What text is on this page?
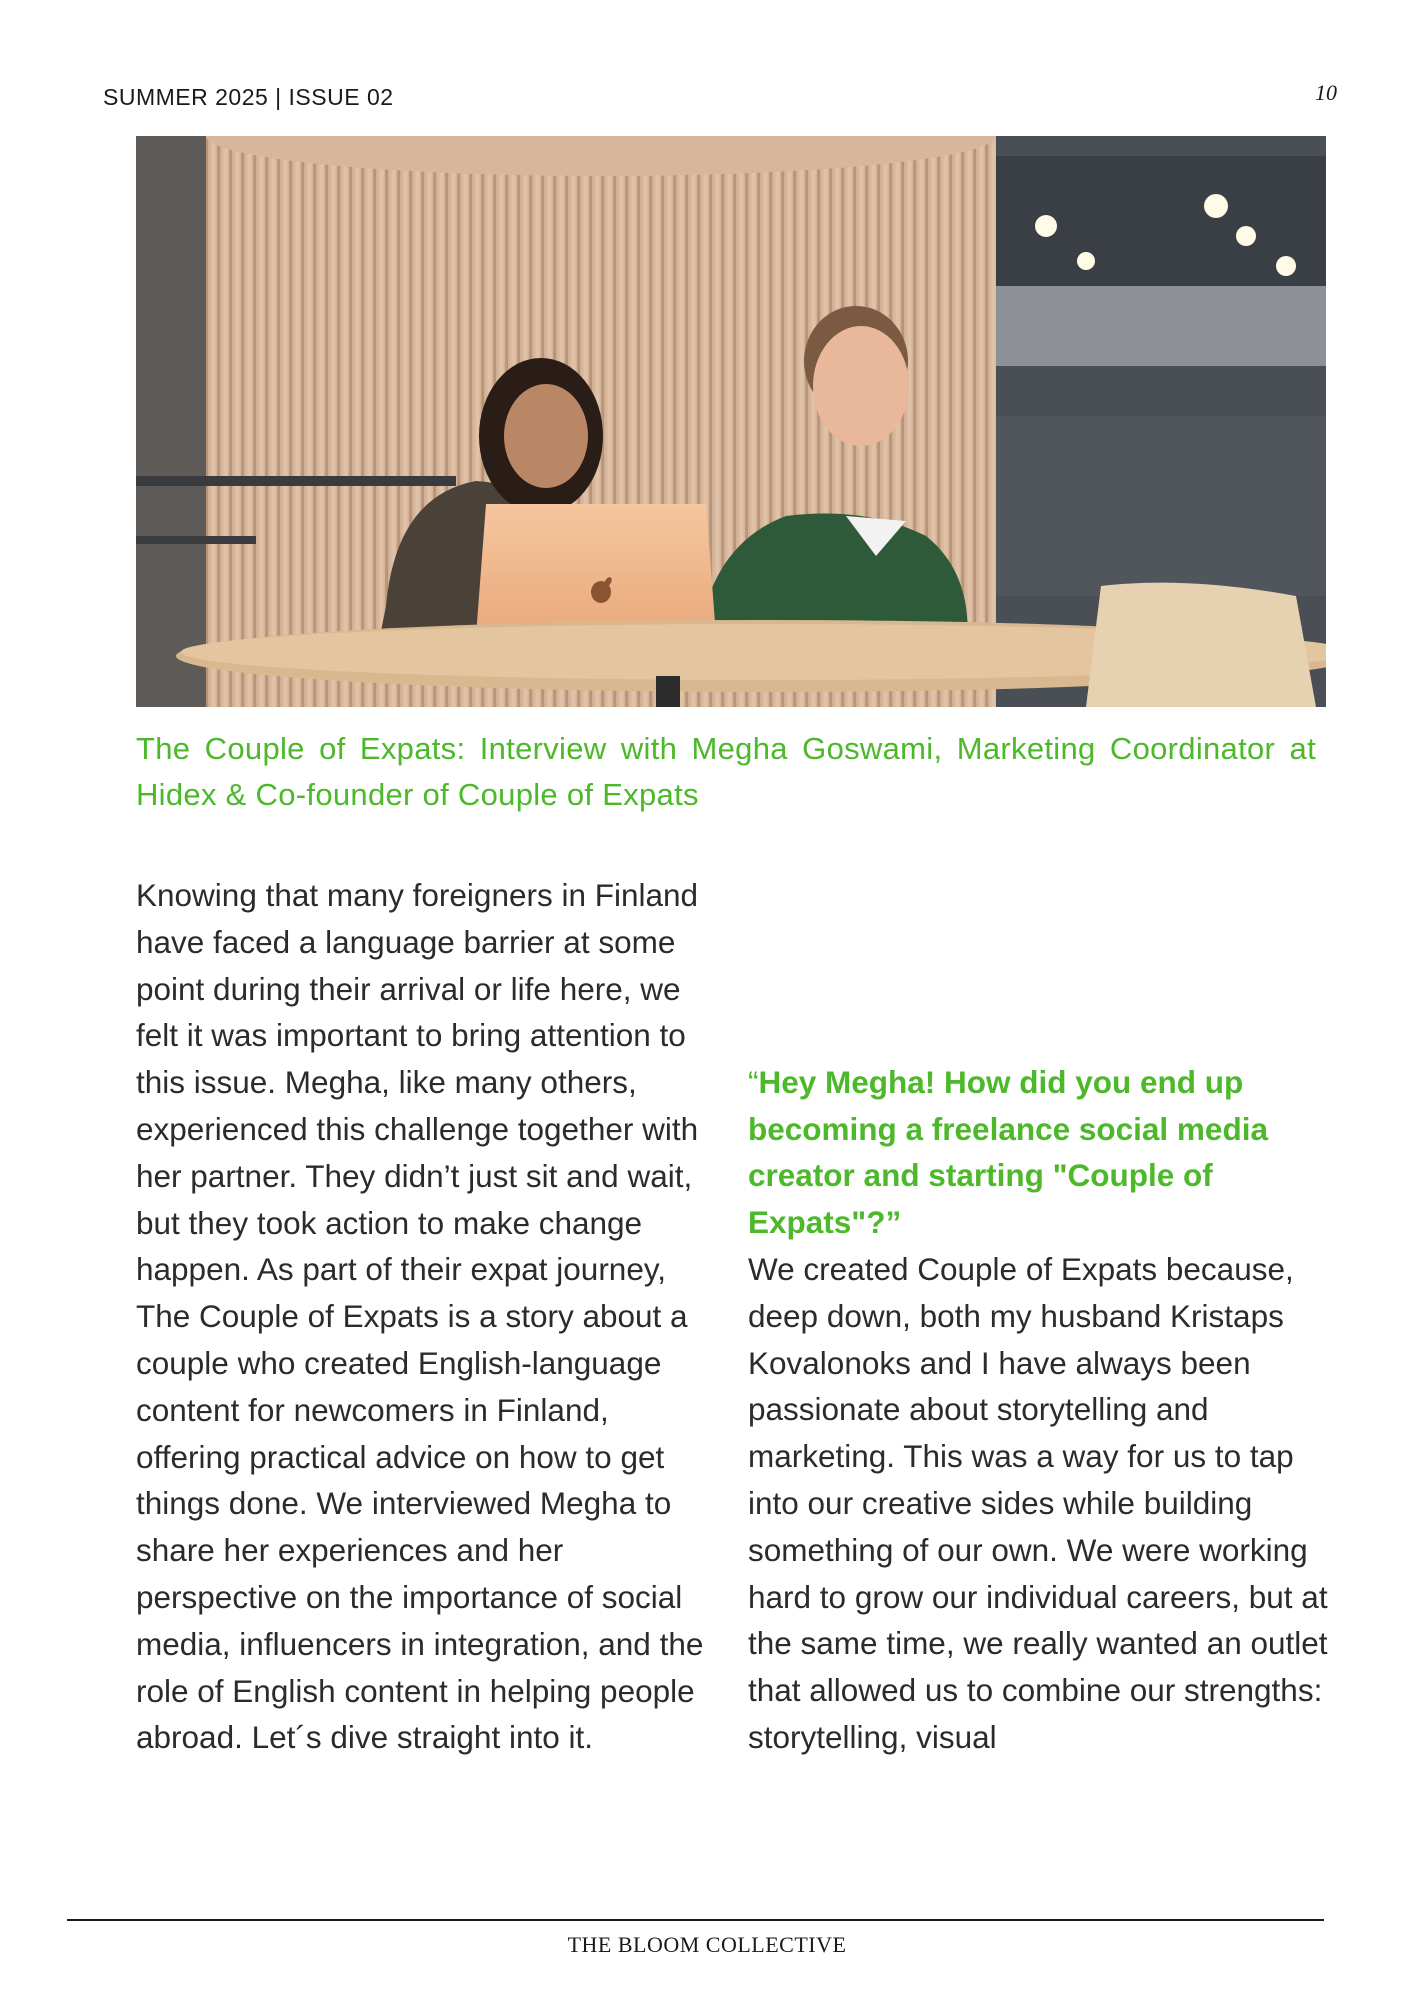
SUMMER 2025 | ISSUE 02	10
The Couple of Expats: Interview with Megha Goswami, Marketing Coordinator at Hidex & Co-founder of Couple of Expats

Knowing that many foreigners in Finland have faced a language barrier at some point during their arrival or life here, we felt it was important to bring attention to this issue. Megha, like many others, experienced this challenge together with her partner. They didn’t just sit and wait, but they took action to make change happen. As part of their expat journey, The Couple of Expats is a story about a couple who created English-language content for newcomers in Finland, offering practical advice on how to get things done. We interviewed Megha to share her experiences and her perspective on the importance of social media, influencers in integration, and the role of English content in helping people abroad. Let´s dive straight into it.

“Hey Megha! How did you end up becoming a freelance social media creator and starting "Couple of Expats"?”

We created Couple of Expats because, deep down, both my husband Kristaps Kovalonoks and I have always been passionate about storytelling and marketing. This was a way for us to tap into our creative sides while building something of our own. We were working hard to grow our individual careers, but at the same time, we really wanted an outlet that allowed us to combine our strengths: storytelling, visual

THE BLOOM COLLECTIVE
